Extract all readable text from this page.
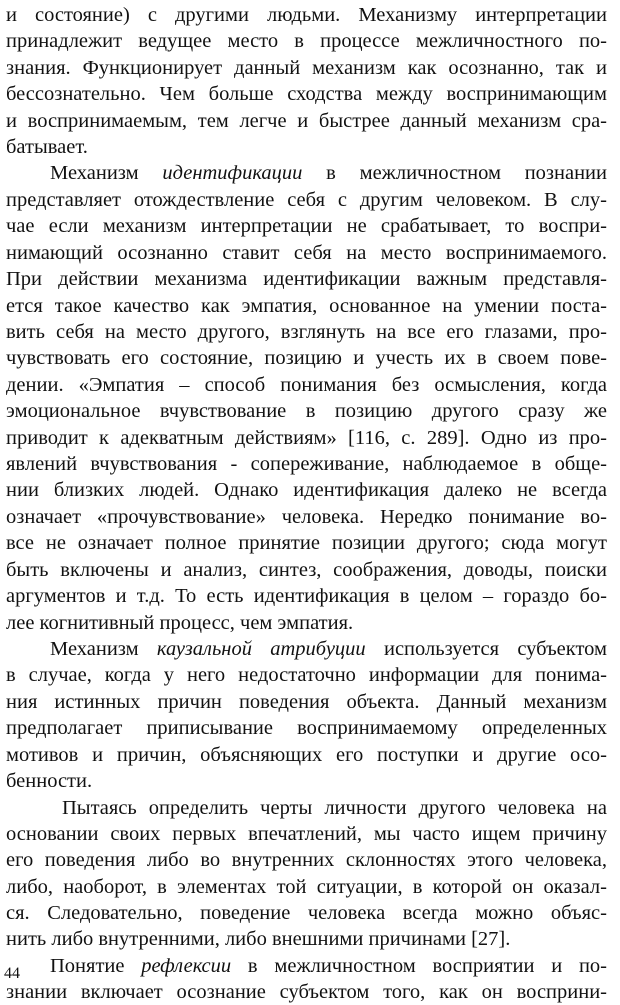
и состояние) с другими людьми. Механизму интерпретации
принадлежит ведущее место в процессе межличностного по-
знания. Функционирует данный механизм как осознанно, так и
бессознательно. Чем больше сходства между воспринимающим
и воспринимаемым, тем легче и быстрее данный механизм сра-
батывает.
Механизм идентификации в межличностном познании
представляет отождествление себя с другим человеком. В слу-
чае если механизм интерпретации не срабатывает, то воспри-
нимающий осознанно ставит себя на место воспринимаемого.
При действии механизма идентификации важным представля-
ется такое качество как эмпатия, основанное на умении поста-
вить себя на место другого, взглянуть на все его глазами, про-
чувствовать его состояние, позицию и учесть их в своем пове-
дении. «Эмпатия – способ понимания без осмысления, когда
эмоциональное вчувствование в позицию другого сразу же
приводит к адекватным действиям» [116, с. 289]. Одно из про-
явлений вчувствования - сопереживание, наблюдаемое в обще-
нии близких людей. Однако идентификация далеко не всегда
означает «прочувствование» человека. Нередко понимание во-
все не означает полное принятие позиции другого; сюда могут
быть включены и анализ, синтез, соображения, доводы, поиски
аргументов и т.д. То есть идентификация в целом – гораздо бо-
лее когнитивный процесс, чем эмпатия.
Механизм каузальной атрибуции используется субъектом
в случае, когда у него недостаточно информации для понима-
ния истинных причин поведения объекта. Данный механизм
предполагает приписывание воспринимаемому определенных
мотивов и причин, объясняющих его поступки и другие осо-
бенности.
Пытаясь определить черты личности другого человека на
основании своих первых впечатлений, мы часто ищем причину
его поведения либо во внутренних склонностях этого человека,
либо, наоборот, в элементах той ситуации, в которой он оказал-
ся. Следовательно, поведение человека всегда можно объяс-
нить либо внутренними, либо внешними причинами [27].
Понятие рефлексии в межличностном восприятии и по-
знании включает осознание субъектом того, как он восприни-
44
